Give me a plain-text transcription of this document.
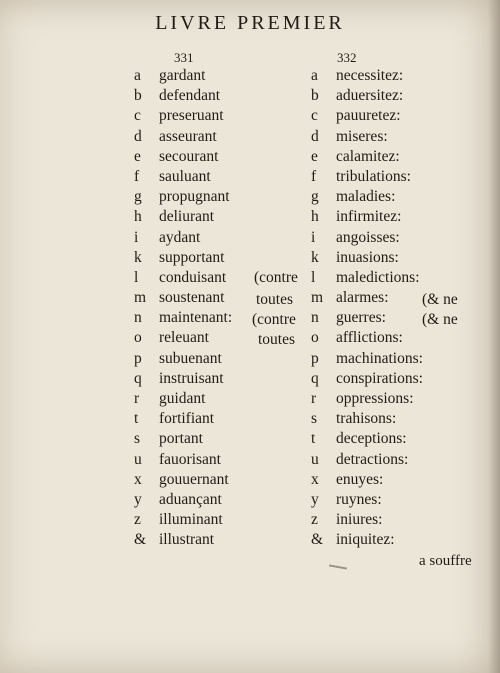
LIVRE PREMIER
331	332
a gardant
b defendant
c preseruant
d asseurant
e secourant
f sauluant
g propugnant
h deliurant
i aydant
k supportant
l conduisant
m soustenant
n maintenant:
o releuant
p subuenant
q instruisant
r guidant
t fortifiant
s portant
u fauorisant
x gouuernant
y aduançant
z illuminant
& illustrant
a necessitez:
b aduersitez:
c pauuretez:
d miseres:
e calamitez:
f tribulations:
g maladies:
h infirmitez:
i angoisses:
k inuasions:
l maledictions:
m alarmes:
n guerres:
o afflictions:
p machinations:
q conspirations:
r oppressions:
s trahisons:
t deceptions:
u detractions:
x enuyes:
y ruynes:
z iniures:
& iniquitez:
(contre
toutes
(contre
toutes
(& ne
(& ne
a souffre
